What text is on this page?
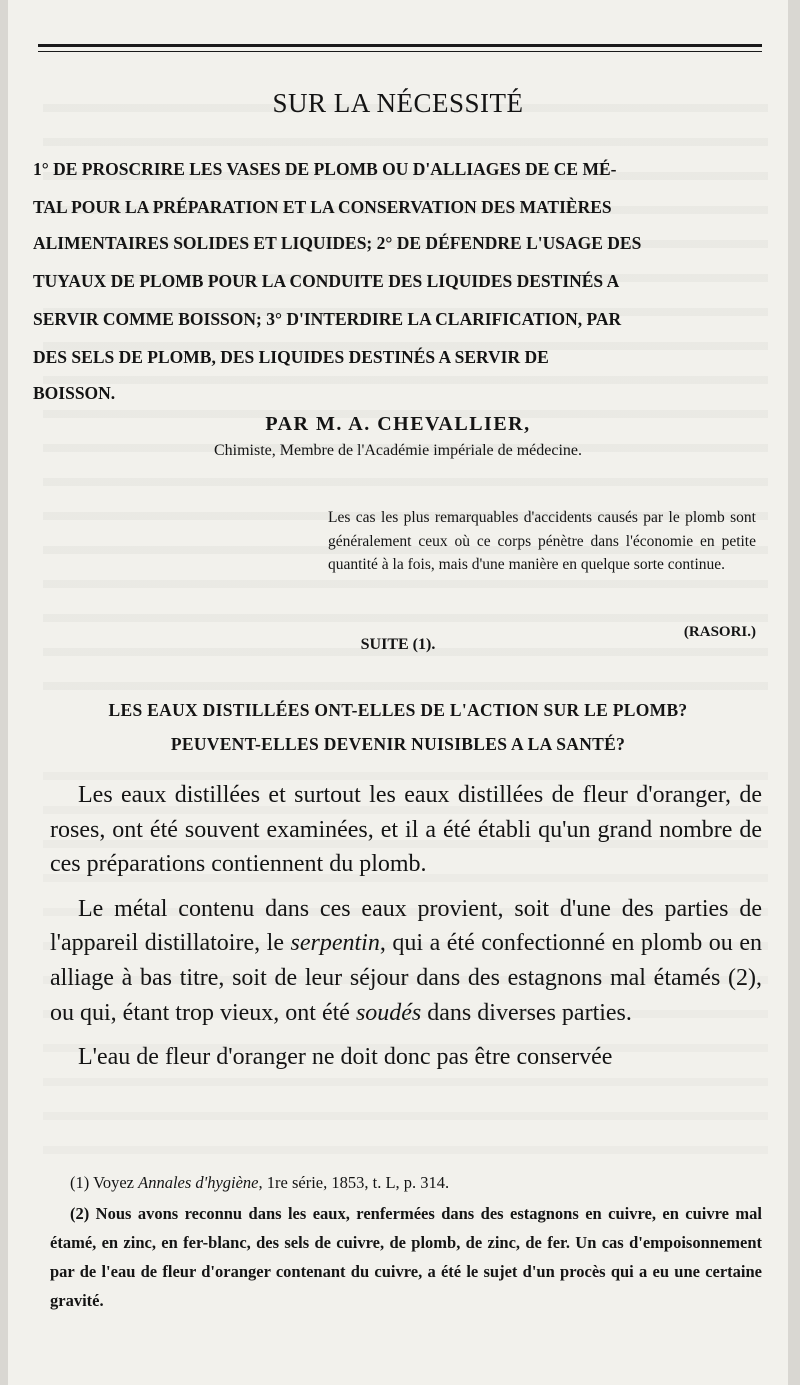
SUR LA NÉCESSITÉ
1° DE PROSCRIRE LES VASES DE PLOMB OU D'ALLIAGES DE CE MÉ-
TAL POUR LA PRÉPARATION ET LA CONSERVATION DES MATIÈRES
ALIMENTAIRES SOLIDES ET LIQUIDES; 2° DE DÉFENDRE L'USAGE DES
TUYAUX DE PLOMB POUR LA CONDUITE DES LIQUIDES DESTINÉS A
SERVIR COMME BOISSON; 3° D'INTERDIRE LA CLARIFICATION, PAR
DES SELS DE PLOMB, DES LIQUIDES DESTINÉS A SERVIR DE
BOISSON.
PAR M. A. CHEVALLIER,
Chimiste, Membre de l'Académie impériale de médecine.
Les cas les plus remarquables d'accidents causés par le plomb sont généralement ceux où ce corps pénètre dans l'économie en petite quantité à la fois, mais d'une manière en quelque sorte continue.
(RASORI.)
SUITE (1).
LES EAUX DISTILLÉES ONT-ELLES DE L'ACTION SUR LE PLOMB?
PEUVENT-ELLES DEVENIR NUISIBLES A LA SANTÉ?

Les eaux distillées et surtout les eaux distillées de fleur d'oranger, de roses, ont été souvent examinées, et il a été établi qu'un grand nombre de ces préparations contiennent du plomb.

Le métal contenu dans ces eaux provient, soit d'une des parties de l'appareil distillatoire, le serpentin, qui a été confectionné en plomb ou en alliage à bas titre, soit de leur séjour dans des estagnons mal étamés (2), ou qui, étant trop vieux, ont été soudés dans diverses parties.

L'eau de fleur d'oranger ne doit donc pas être conservée

(1) Voyez Annales d'hygiène, 1re série, 1853, t. L, p. 314.

(2) Nous avons reconnu dans les eaux, renfermées dans des estagnons en cuivre, en cuivre mal étamé, en zinc, en fer-blanc, des sels de cuivre, de plomb, de zinc, de fer. Un cas d'empoisonnement par de l'eau de fleur d'oranger contenant du cuivre, a été le sujet d'un procès qui a eu une certaine gravité.
